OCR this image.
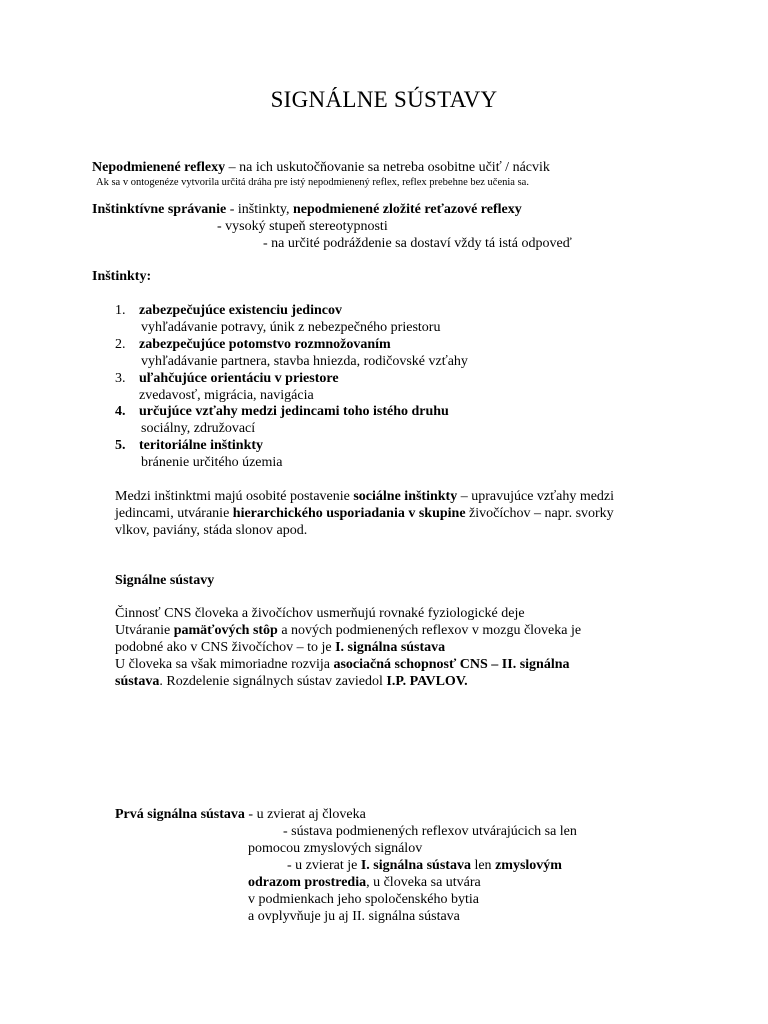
SIGNÁLNE SÚSTAVY
Nepodmienené reflexy – na ich uskutočňovanie sa netreba osobitne učiť / nácvik
Ak sa v ontogenéze vytvorila určitá dráha pre istý nepodmienený reflex, reflex prebehne bez učenia sa.
Inštinktívne správanie - inštinkty, nepodmienené zložité reťazové reflexy
- vysoký stupeň stereotypnosti
- na určité podráždenie sa dostaví vždy tá istá odpoveď
Inštinkty:
1. zabezpečujúce existenciu jedincov
vyhľadávanie potravy, únik z nebezpečného priestoru
2. zabezpečujúce potomstvo rozmnožovaním
vyhľadávanie partnera, stavba hniezda, rodičovské vzťahy
3. uľahčujúce orientáciu v priestore
zvedavosť, migrácia, navigácia
4. určujúce vzťahy medzi jedincami toho istého druhu
sociálny, združovací
5. teritoriálne inštinkty
bránenie určitého územia
Medzi inštinktmi majú osobité postavenie sociálne inštinkty – upravujúce vzťahy medzi
jedincami, utváranie hierarchického usporiadania v skupine živočíchov – napr. svorky
vlkov, paviány, stáda slonov apod.
Signálne sústavy
Činnosť CNS človeka a živočíchov usmerňujú rovnaké fyziologické deje
Utváranie pamäťových stôp a nových podmienených reflexov v mozgu človeka je
podobné ako v CNS živočíchov – to je I. signálna sústava
U človeka sa však mimoriadne rozvija asociačná schopnosť CNS – II. signálna
sústava. Rozdelenie signálnych sústav zaviedol I.P. PAVLOV.
Prvá signálna sústava - u zvierat aj človeka
- sústava podmienených reflexov utvárajúcich sa len
pomocou zmyslových signálov
- u zvierat je I. signálna sústava len zmyslovým
odrazom prostredia, u človeka sa utvára
v podmienkach jeho spoločenského bytia
a ovplyvňuje ju aj II. signálna sústava
